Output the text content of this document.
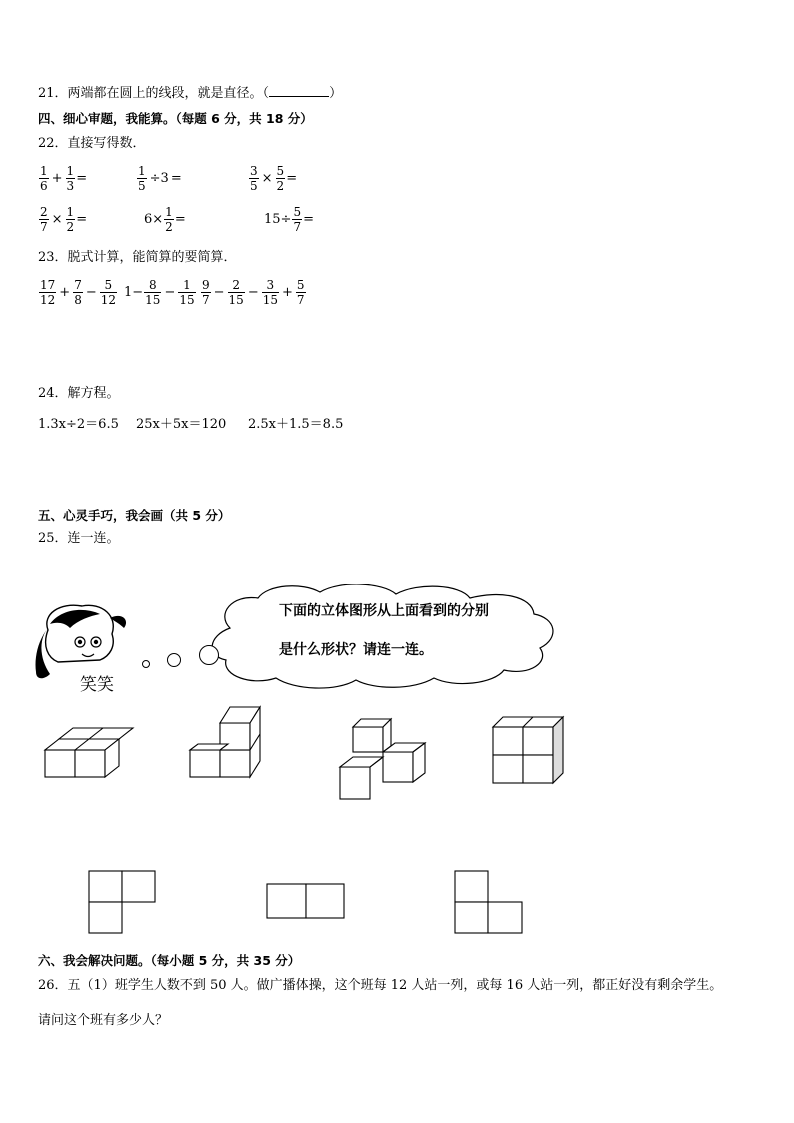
21．两端都在圆上的线段，就是直径。（	）
四、细心审题，我能算。（每题 6 分，共 18 分）
22．直接写得数．
$\frac{1}{6} + \frac{1}{3}$ =	$\frac{1}{5} \div 3$ =	$\frac{3}{5} \times \frac{5}{2}$ =
$\frac{2}{7} \times \frac{1}{2}$ =	$6\times \frac{1}{2}$ =	$15\div \frac{5}{7}$ =
23．脱式计算，能简算的要简算．
$\frac{17}{12} + \frac{7}{8} - \frac{5}{12} 1- \frac{8}{15} - \frac{1}{15} \frac{9}{7} - \frac{2}{15} - \frac{3}{15} + \frac{5}{7}$
24．解方程。
1.3x÷2＝6.5 25x＋5x＝120 2.5x＋1.5＝8.5
五、心灵手巧，我会画（共 5 分）
25．连一连。
下面的立体图形从上面看到的分别
是什么形状？请连一连。
笑笑
六、我会解决问题。（每小题 5 分，共 35 分）
26．五（1）班学生人数不到 50 人。做广播体操，这个班每 12 人站一列，或每 16 人站一列，都正好没有剩余学生。
请问这个班有多少人？
